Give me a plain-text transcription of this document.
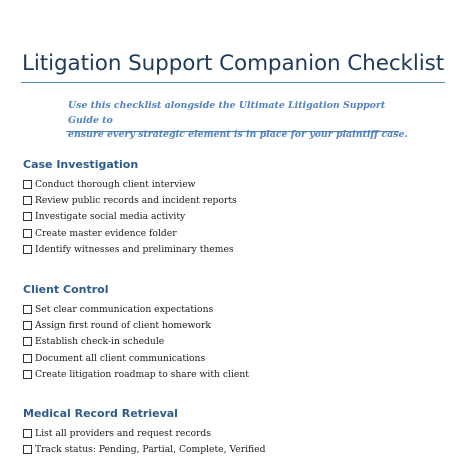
Litigation Support Companion Checklist

Use this checklist alongside the Ultimate Litigation Support Guide to
ensure every strategic element is in place for your plaintiff case.

Case Investigation
Conduct thorough client interview
Review public records and incident reports
Investigate social media activity
Create master evidence folder
Identify witnesses and preliminary themes
Client Control
Set clear communication expectations
Assign first round of client homework
Establish check-in schedule
Document all client communications
Create litigation roadmap to share with client
Medical Record Retrieval
List all providers and request records
Track status: Pending, Partial, Complete, Verified
